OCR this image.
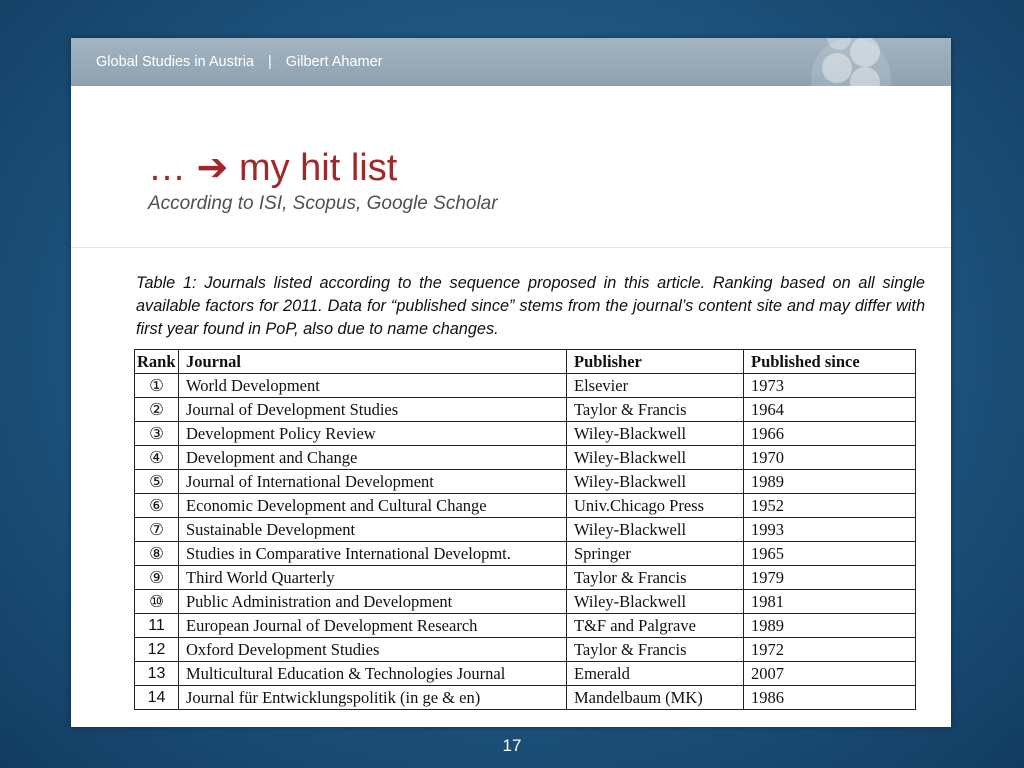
Global Studies in Austria | Gilbert Ahamer
… ➔ my hit list

According to ISI, Scopus, Google Scholar

Table 1: Journals listed according to the sequence proposed in this article. Ranking based on all single available factors for 2011. Data for “published since” stems from the journal’s content site and may differ with first year found in PoP, also due to name changes.

Rank	Journal	Publisher	Published since
①	World Development	Elsevier	1973
②	Journal of Development Studies	Taylor & Francis	1964
③	Development Policy Review	Wiley-Blackwell	1966
④	Development and Change	Wiley-Blackwell	1970
⑤	Journal of International Development	Wiley-Blackwell	1989
⑥	Economic Development and Cultural Change	Univ.Chicago Press	1952
⑦	Sustainable Development	Wiley-Blackwell	1993
⑧	Studies in Comparative International Developmt.	Springer	1965
⑨	Third World Quarterly	Taylor & Francis	1979
⑩	Public Administration and Development	Wiley-Blackwell	1981
11	European Journal of Development Research	T&F and Palgrave	1989
12	Oxford Development Studies	Taylor & Francis	1972
13	Multicultural Education & Technologies Journal	Emerald	2007
14	Journal für Entwicklungspolitik (in ge & en)	Mandelbaum (MK)	1986
17
